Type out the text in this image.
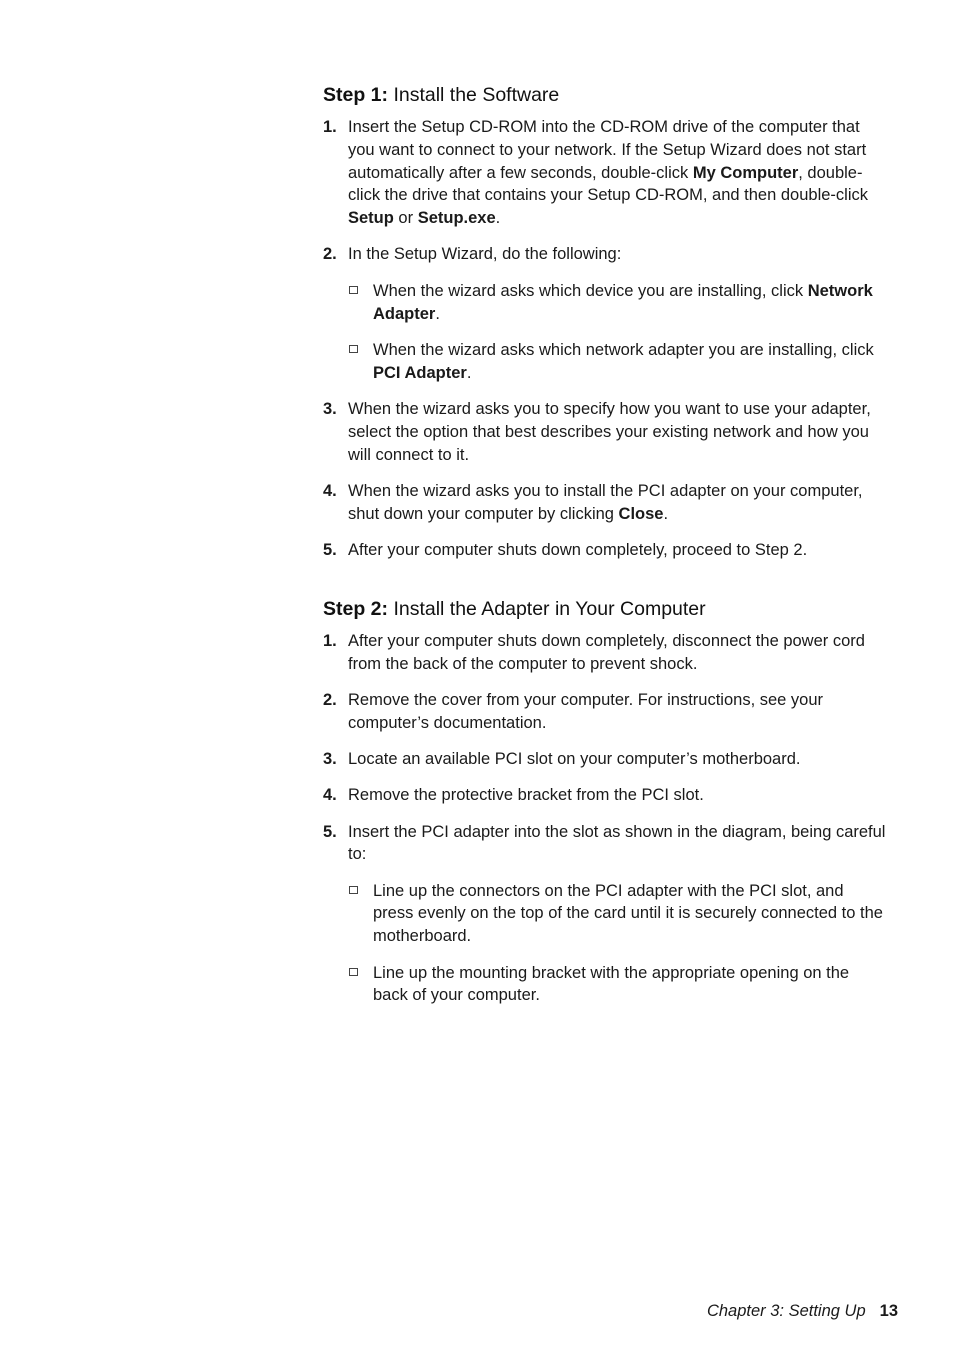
Step 1: Install the Software
1. Insert the Setup CD-ROM into the CD-ROM drive of the computer that you want to connect to your network. If the Setup Wizard does not start automatically after a few seconds, double-click My Computer, double-click the drive that contains your Setup CD-ROM, and then double-click Setup or Setup.exe.
2. In the Setup Wizard, do the following:
When the wizard asks which device you are installing, click Network Adapter.
When the wizard asks which network adapter you are installing, click PCI Adapter.
3. When the wizard asks you to specify how you want to use your adapter, select the option that best describes your existing network and how you will connect to it.
4. When the wizard asks you to install the PCI adapter on your computer, shut down your computer by clicking Close.
5. After your computer shuts down completely, proceed to Step 2.
Step 2: Install the Adapter in Your Computer
1. After your computer shuts down completely, disconnect the power cord from the back of the computer to prevent shock.
2. Remove the cover from your computer. For instructions, see your computer’s documentation.
3. Locate an available PCI slot on your computer’s motherboard.
4. Remove the protective bracket from the PCI slot.
5. Insert the PCI adapter into the slot as shown in the diagram, being careful to:
Line up the connectors on the PCI adapter with the PCI slot, and press evenly on the top of the card until it is securely connected to the motherboard.
Line up the mounting bracket with the appropriate opening on the back of your computer.
Chapter 3: Setting Up 13
